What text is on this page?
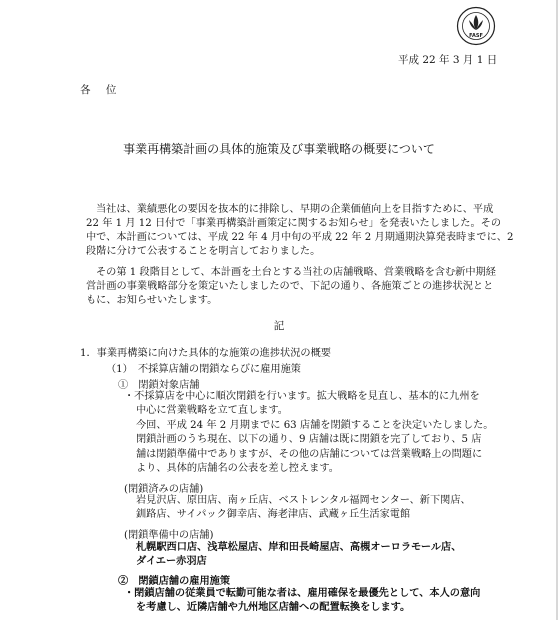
FASF
平成 22 年 3 月 1 日
各 位
事業再構築計画の具体的施策及び事業戦略の概要について
当社は、業績悪化の要因を抜本的に排除し、早期の企業価値向上を目指すために、平成
22 年 1 月 12 日付で「事業再構築計画策定に関するお知らせ」を発表いたしました。その
中で、本計画については、平成 22 年 4 月中旬の平成 22 年 2 月期通期決算発表時までに、2
段階に分けて公表することを明言しておりました。
その第 1 段階目として、本計画を土台とする当社の店舗戦略、営業戦略を含む新中期経
営計画の事業戦略部分を策定いたしましたので、下記の通り、各施策ごとの進捗状況とと
もに、お知らせいたします。
記
1．事業再構築に向けた具体的な施策の進捗状況の概要
（1）　不採算店舗の閉鎖ならびに雇用施策
①　閉鎖対象店舗
・不採算店を中心に順次閉鎖を行います。拡大戦略を見直し、基本的に九州を
中心に営業戦略を立て直します。
今回、平成 24 年 2 月期までに 63 店舗を閉鎖することを決定いたしました。
閉鎖計画のうち現在、以下の通り、9 店舗は既に閉鎖を完了しており、5 店
舗は閉鎖準備中でありますが、その他の店舗については営業戦略上の問題に
より、具体的店舗名の公表を差し控えます。
(閉鎖済みの店舗)
岩見沢店、原田店、南ヶ丘店、ベストレンタル福岡センター、新下関店、
釧路店、サイパック御幸店、海老津店、武蔵ヶ丘生活家電館
(閉鎖準備中の店舗)
札幌駅西口店、浅草松屋店、岸和田長崎屋店、高槻オーロラモール店、
ダイエー赤羽店
②　閉鎖店舗の雇用施策
・閉鎖店舗の従業員で転勤可能な者は、雇用確保を最優先として、本人の意向
を考慮し、近隣店舗や九州地区店舗への配置転換をします。
